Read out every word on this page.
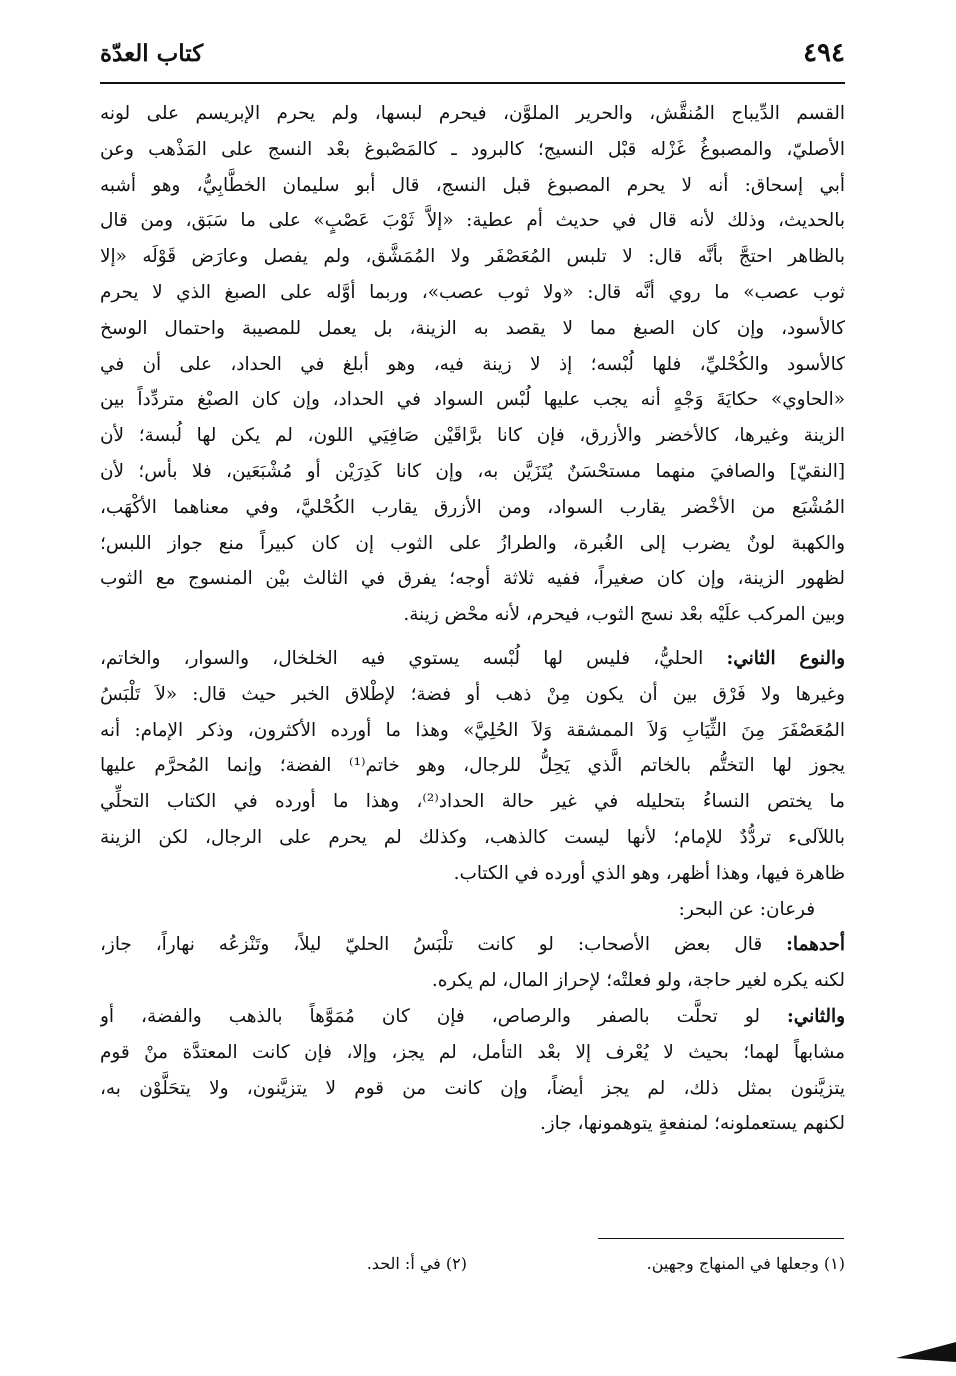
٤٩٤
كتاب العدّة
القسم الدِّيباج المُنقَّش، والحرير الملوَّن، فيحرم لبسها، ولم يحرم الإبريسم على لونه
الأصليّ، والمصبوغُ غَزْله قبْل النسيج؛ كالبرود ـ كالمَصْبوغ بعْد النسج على المَذْهب وعن
أبي إسحاق: أنه لا يحرم المصبوغ قبل النسج، قال أبو سليمان الخطَّابِيُّ، وهو أشبه
بالحديث، وذلك لأنه قال في حديث أم عطية: «إلاَّ ثَوْبَ عَصْبٍ» على ما سَبَق، ومن قال
بالظاهر احتجَّ بأنَّه قال: لا تلبس المُعَصْفَر ولا المُمَشَّق، ولم يفصل وعارَض قَوْلَه «إلا
ثوب عصب» ما روي أنَّه قال: «ولا ثوب عصب»، وربما أوَّله على الصبغ الذي لا يحرم
كالأسود، وإن كان الصبغ مما لا يقصد به الزينة، بل يعمل للمصيبة واحتمال الوسخ
كالأسود والكُحْليِّ، فلها لُبْسه؛ إذ لا زينة فيه، وهو أبلغ في الحداد، على أن في
«الحاوي» حكايَةَ وَجْهٍ أنه يجب عليها لُبْس السواد في الحداد، وإن كان الصبْغ متردِّداً بين
الزينة وغيرها، كالأخضر والأزرق، فإن كانا برَّاقَيْن صَافِيَي اللون، لم يكن لها لُبسة؛ لأن
[النقيّ] والصافيَ منهما مستحْسَنٌ يُتَزَيَّن به، وإن كانا كَدِرَيْن أو مُشْبَعَين، فلا بأس؛ لأن
المُشْبَع من الأخْضر يقارب السواد، ومن الأزرق يقارب الكُحْليَّ، وفي معناهما الأكْهَب،
والكهبة لونٌ يضرب إلى الغُبرة، والطرازُ على الثوب إن كان كبيراً منع جواز اللبس؛
لظهور الزينة، وإن كان صغيراً، ففيه ثلاثة أوجه؛ يفرق في الثالث بيْن المنسوج مع الثوب
وبين المركب علَيْه بعْد نسج الثوب، فيحرم، لأنه محْض زينة.
والنوع الثاني: الحليُّ، فليس لها لُبْسه يستوي فيه الخلخال، والسوار، والخاتم،
وغيرها ولا فَرْق بين أن يكون مِنْ ذهب أو فضة؛ لإطْلاق الخبر حيث قال: «لاَ تَلْبَسُ
المُعَصْفَرَ مِنَ الثِّيَابِ وَلاَ الممشقة وَلاَ الحُلِيَّ» وهذا ما أورده الأكثرون، وذكر الإمام: أنه
يجوز لها التختُّم بالخاتم الَّذي يَحِلُّ للرجال، وهو خاتم⁽¹⁾ الفضة؛ وإنما المُحرَّم عليها
ما يختص النساءُ بتحليله في غير حالة الحداد⁽²⁾، وهذا ما أورده في الكتاب التحلِّي
باللآلىء تردُّدٌ للإمام؛ لأنها ليست كالذهب، وكذلك لم يحرم على الرجال، لكن الزينة
ظاهرة فيها، وهذا أظهر، وهو الذي أورده في الكتاب.
فرعان: عن البحر:
أحدهما: قال بعض الأصحاب: لو كانت تلْبَسُ الحليّ ليلاً، وتَنْزعُه نهاراً، جاز،
لكنه يكره لغير حاجة، ولو فعلتْه؛ لإحراز المال، لم يكره.
والثاني: لو تحلَّت بالصفر والرصاص، فإن كان مُمَوَّهاً بالذهب والفضة، أو
مشابهاً لهما؛ بحيث لا يُعْرف إلا بعْد التأمل، لم يجز، وإلا، فإن كانت المعتدَّة منْ قوم
يتزيَّنون بمثل ذلك، لم يجز أيضاً، وإن كانت من قوم لا يتزيَّنون، ولا يتحَلَّوْن به،
لكنهم يستعملونه؛ لمنفعةٍ يتوهمونها، جاز.
(١) وجعلها في المنهاج وجهين.
(٢) في أ: الحد.
